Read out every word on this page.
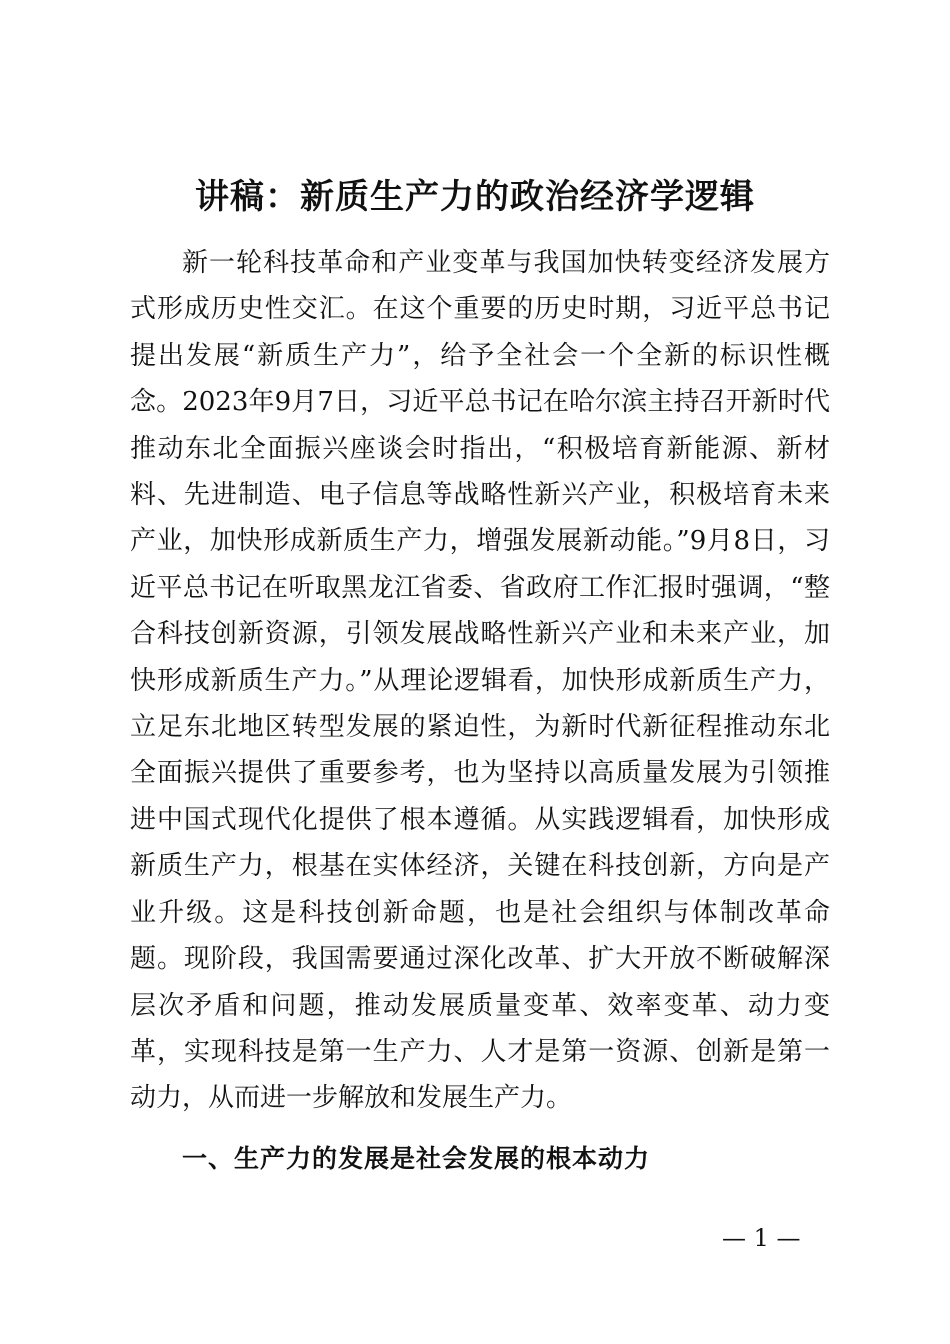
讲稿：新质生产力的政治经济学逻辑

新一轮科技革命和产业变革与我国加快转变经济发展方式形成历史性交汇。在这个重要的历史时期，习近平总书记提出发展“新质生产力”，给予全社会一个全新的标识性概念。2023年9月7日，习近平总书记在哈尔滨主持召开新时代推动东北全面振兴座谈会时指出，“积极培育新能源、新材料、先进制造、电子信息等战略性新兴产业，积极培育未来产业，加快形成新质生产力，增强发展新动能。”9月8日，习近平总书记在听取黑龙江省委、省政府工作汇报时强调，“整合科技创新资源，引领发展战略性新兴产业和未来产业，加快形成新质生产力。”从理论逻辑看，加快形成新质生产力，立足东北地区转型发展的紧迫性，为新时代新征程推动东北全面振兴提供了重要参考，也为坚持以高质量发展为引领推进中国式现代化提供了根本遵循。从实践逻辑看，加快形成新质生产力，根基在实体经济，关键在科技创新，方向是产业升级。这是科技创新命题，也是社会组织与体制改革命题。现阶段，我国需要通过深化改革、扩大开放不断破解深层次矛盾和问题，推动发展质量变革、效率变革、动力变革，实现科技是第一生产力、人才是第一资源、创新是第一动力，从而进一步解放和发展生产力。

一、生产力的发展是社会发展的根本动力
— 1 —
